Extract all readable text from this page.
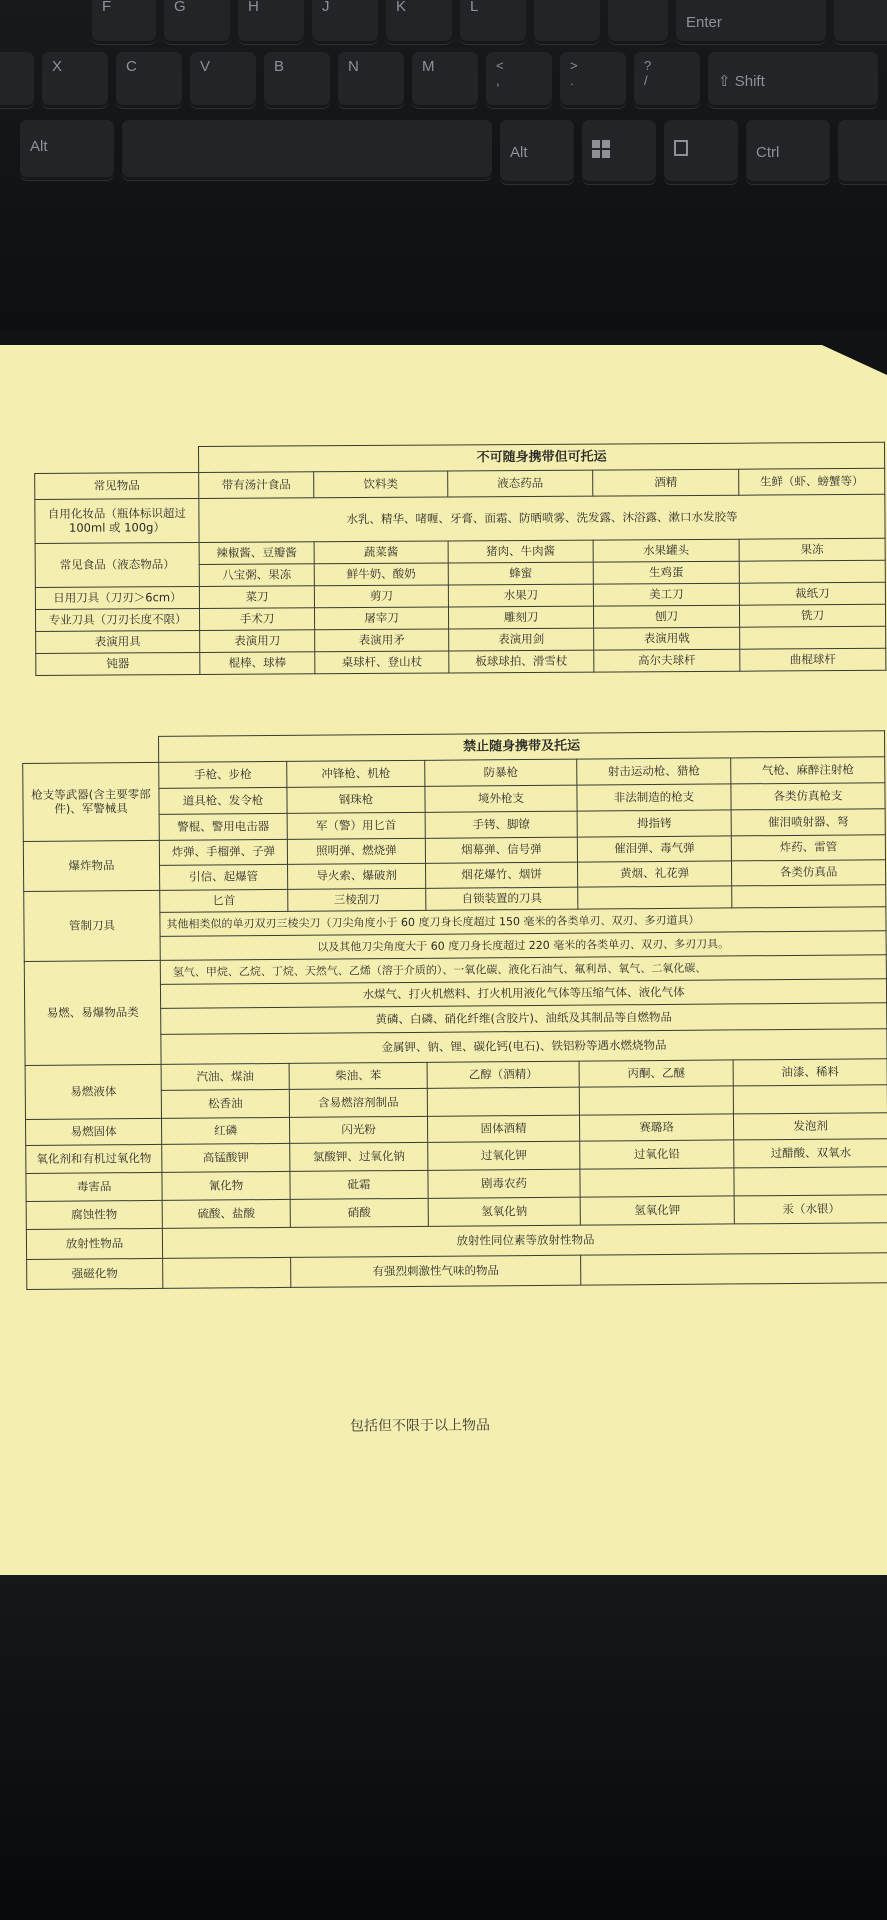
F	G	H	J	K	L
Enter
X	C	V	B	N	M	<
,
>
.
?
/	⇧ Shift
Alt	Alt	Ctrl
	不可随身携带但可托运				
常见物品	带有汤汁食品	饮料类	液态药品	酒精	生鲜（虾、螃蟹等）
自用化妆品（瓶体标识超过 100ml 或 100g）	水乳、精华、啫喱、牙膏、面霜、防晒喷雾、洗发露、沐浴露、漱口水发胶等				
常见食品（液态物品）	辣椒酱、豆瓣酱	蔬菜酱	猪肉、牛肉酱	水果罐头	果冻
	八宝粥、果冻	鲜牛奶、酸奶	蜂蜜	生鸡蛋	
日用刀具（刀刃＞6cm）	菜刀	剪刀	水果刀	美工刀	裁纸刀
专业刀具（刀刃长度不限）	手术刀	屠宰刀	雕刻刀	刨刀	铣刀
表演用具	表演用刀	表演用矛	表演用剑	表演用戟	
钝器	棍棒、球棒	桌球杆、登山杖	板球球拍、滑雪杖	高尔夫球杆	曲棍球杆
	禁止随身携带及托运				
枪支等武器(含主要零部件)、军警械具	手枪、步枪	冲锋枪、机枪	防暴枪	射击运动枪、猎枪	气枪、麻醉注射枪
	道具枪、发令枪	钢珠枪	境外枪支	非法制造的枪支	各类仿真枪支
	警棍、警用电击器	军（警）用匕首	手铐、脚镣	拇指铐	催泪喷射器、弩
爆炸物品	炸弹、手榴弹、子弹	照明弹、燃烧弹	烟幕弹、信号弹	催泪弹、毒气弹	炸药、雷管
	引信、起爆管	导火索、爆破剂	烟花爆竹、烟饼	黄烟、礼花弹	各类仿真品
管制刀具	匕首	三棱刮刀	自锁装置的刀具		
	其他相类似的单刃双刃三棱尖刀（刀尖角度小于 60 度刀身长度超过 150 毫米的各类单刃、双刃、多刃道具）				
	以及其他刀尖角度大于 60 度刀身长度超过 220 毫米的各类单刃、双刃、多刃刀具。				
易燃、易爆物品类	氢气、甲烷、乙烷、丁烷、天然气、乙烯（溶于介质的）、一氧化碳、液化石油气、氟利昂、氧气、二氧化碳、				
	水煤气、打火机燃料、打火机用液化气体等压缩气体、液化气体				
	黄磷、白磷、硝化纤维(含胶片)、油纸及其制品等自燃物品				
	金属钾、钠、锂、碳化钙(电石)、铁铝粉等遇水燃烧物品				
易燃液体	汽油、煤油	柴油、苯	乙醇（酒精）	丙酮、乙醚	油漆、稀料
	松香油	含易燃溶剂制品			
易燃固体	红磷	闪光粉	固体酒精	赛璐珞	发泡剂
氧化剂和有机过氧化物	高锰酸钾	氯酸钾、过氧化钠	过氧化钾	过氧化铅	过醋酸、双氧水
毒害品	氰化物	砒霜	剧毒农药		
腐蚀性物	硫酸、盐酸	硝酸	氢氧化钠	氢氧化钾	汞（水银）
放射性物品	放射性同位素等放射性物品				
强磁化物		有强烈刺激性气味的物品			
包括但不限于以上物品
